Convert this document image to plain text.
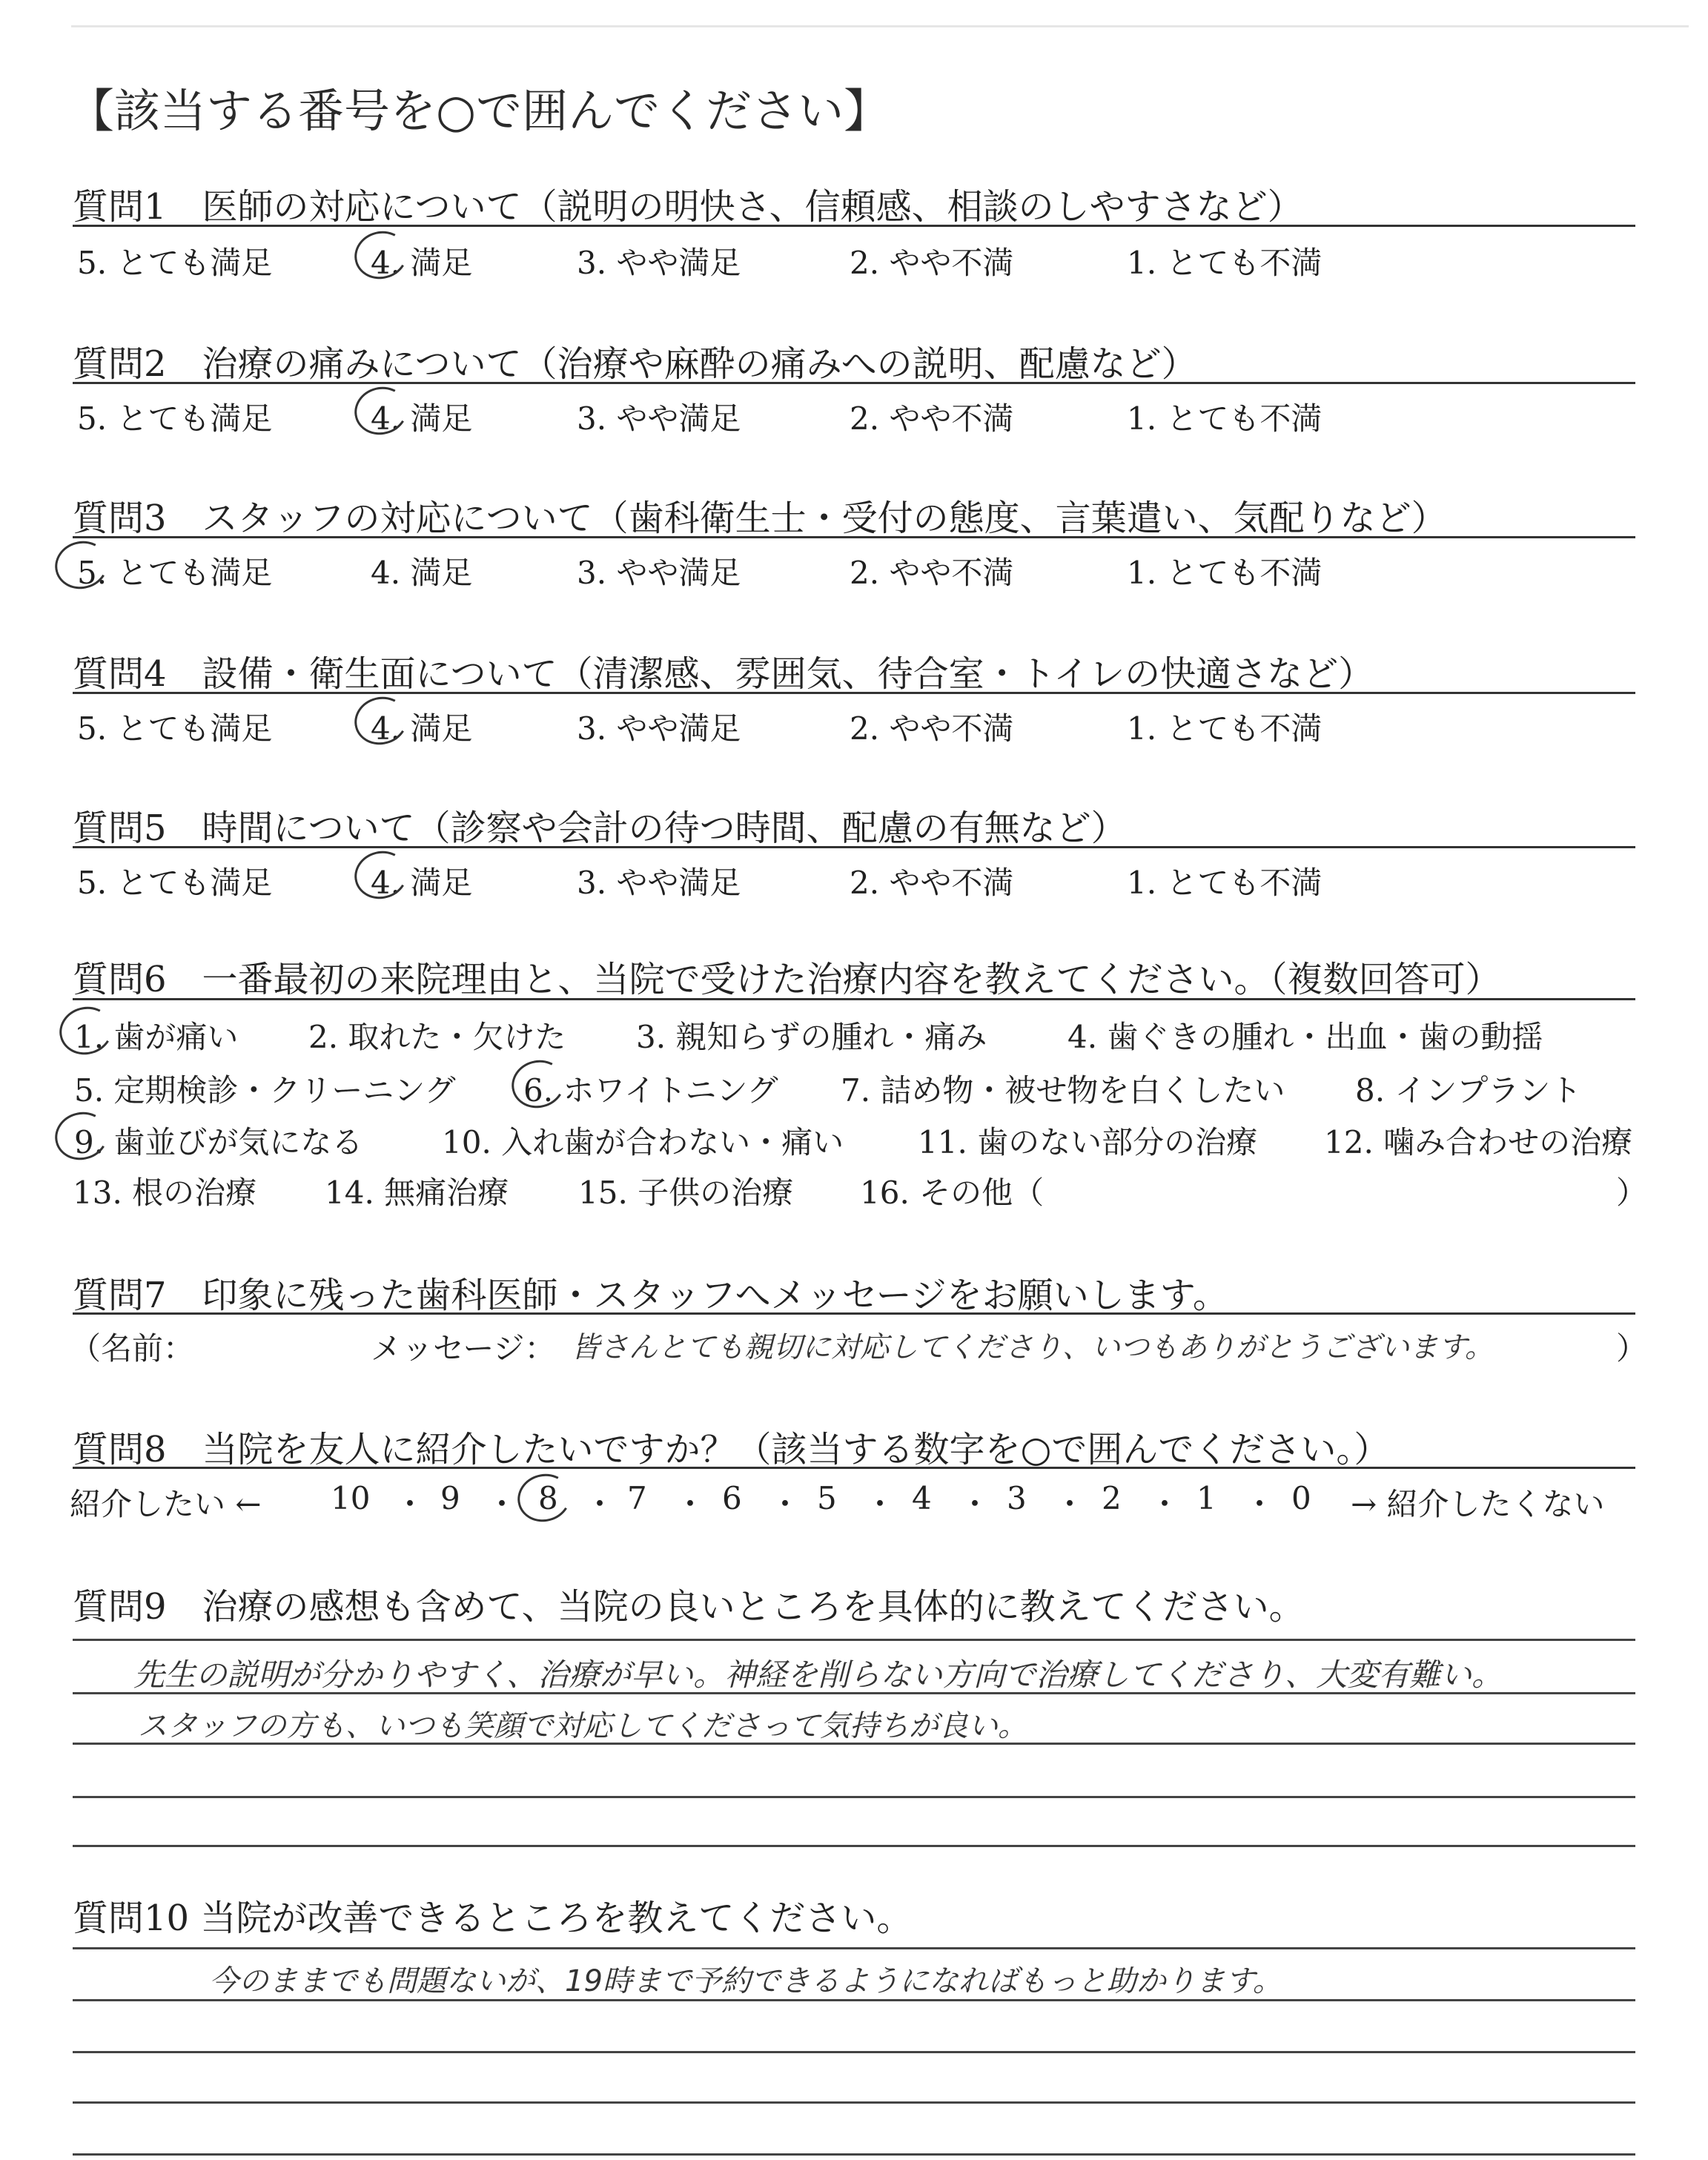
【該当する番号を○で囲んでください】
質問1　医師の対応について（説明の明快さ、信頼感、相談のしやすさなど）
5. とても満足	4. 満足	3. やや満足	2. やや不満	1. とても不満
質問2　治療の痛みについて（治療や麻酔の痛みへの説明、配慮など）
5. とても満足	4. 満足	3. やや満足	2. やや不満	1. とても不満
質問3　スタッフの対応について（歯科衛生士・受付の態度、言葉遣い、気配りなど）
5. とても満足	4. 満足	3. やや満足	2. やや不満	1. とても不満
質問4　設備・衛生面について（清潔感、雰囲気、待合室・トイレの快適さなど）
5. とても満足	4. 満足	3. やや満足	2. やや不満	1. とても不満
質問5　時間について（診察や会計の待つ時間、配慮の有無など）
5. とても満足	4. 満足	3. やや満足	2. やや不満	1. とても不満
質問6　一番最初の来院理由と、当院で受けた治療内容を教えてください。（複数回答可）
1. 歯が痛い 2. 取れた・欠けた 3. 親知らずの腫れ・痛み	4. 歯ぐきの腫れ・出血・歯の動揺
5. 定期検診・クリーニング 6. ホワイトニング 7. 詰め物・被せ物を白くしたい 8. インプラント
9. 歯並びが気になる	10. 入れ歯が合わない・痛い 11. 歯のない部分の治療 12. 噛み合わせの治療
13. 根の治療 14. 無痛治療 15. 子供の治療 16. その他（	）
質問7　印象に残った歯科医師・スタッフへメッセージをお願いします。
（名前：	メッセージ： 皆さんとても親切に対応してくださり、いつもありがとうございます。	）
質問8　当院を友人に紹介したいですか？（該当する数字を○で囲んでください。）
紹介したい ← 10 ・ 9 ・ 8 ・ 7 ・ 6 ・ 5 ・ 4 ・ 3 ・ 2 ・ 1 ・ 0 → 紹介したくない
質問9　治療の感想も含めて、当院の良いところを具体的に教えてください。
先生の説明が分かりやすく、治療が早い。神経を削らない方向で治療してくださり、大変有難い。
スタッフの方も、いつも笑顔で対応してくださって気持ちが良い。
質問10 当院が改善できるところを教えてください。
今のままでも問題ないが、19時まで予約できるようになればもっと助かります。
